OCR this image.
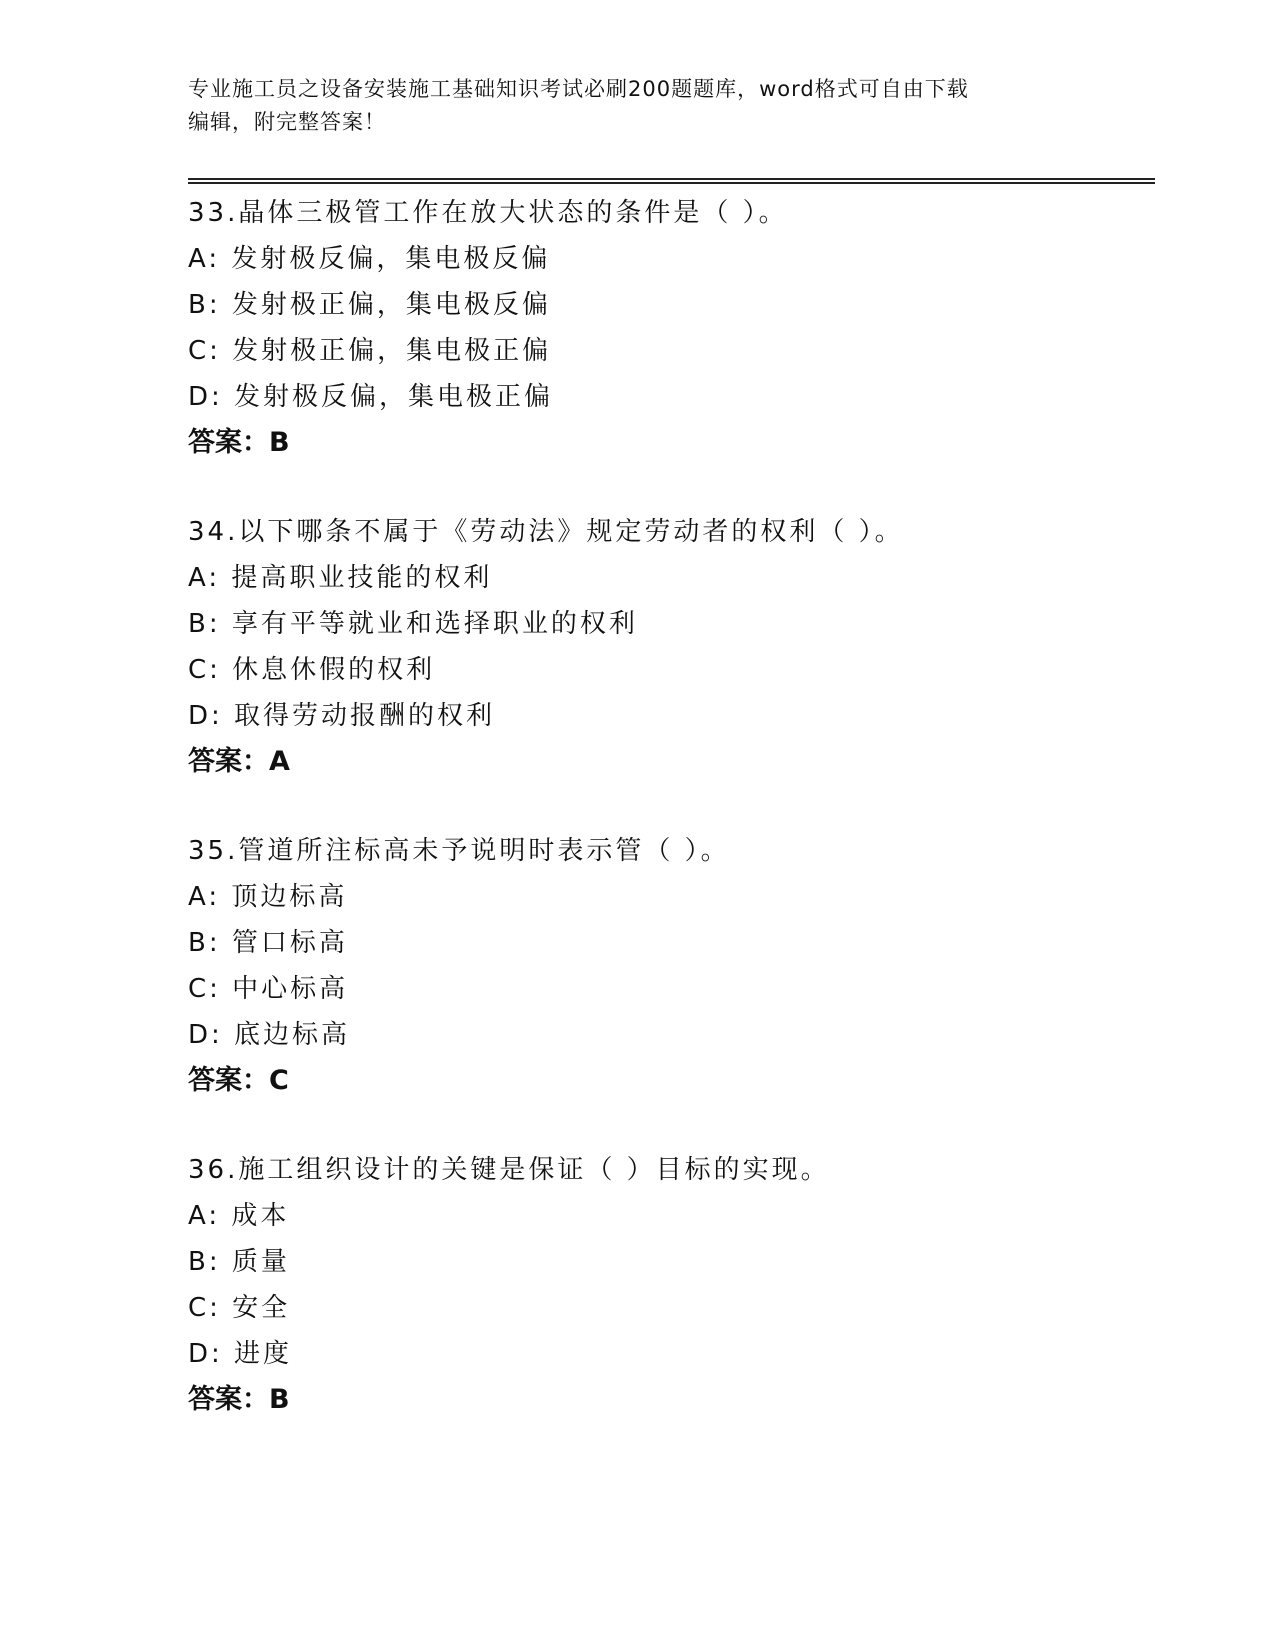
专业施工员之设备安装施工基础知识考试必刷200题题库，word格式可自由下载
编辑，附完整答案！
33.晶体三极管工作在放大状态的条件是（ ）。
A: 发射极反偏，集电极反偏
B: 发射极正偏，集电极反偏
C: 发射极正偏，集电极正偏
D: 发射极反偏，集电极正偏
答案：B
34.以下哪条不属于《劳动法》规定劳动者的权利（ ）。
A: 提高职业技能的权利
B: 享有平等就业和选择职业的权利
C: 休息休假的权利
D: 取得劳动报酬的权利
答案：A
35.管道所注标高未予说明时表示管（ ）。
A: 顶边标高
B: 管口标高
C: 中心标高
D: 底边标高
答案：C
36.施工组织设计的关键是保证（ ）目标的实现。
A: 成本
B: 质量
C: 安全
D: 进度
答案：B
